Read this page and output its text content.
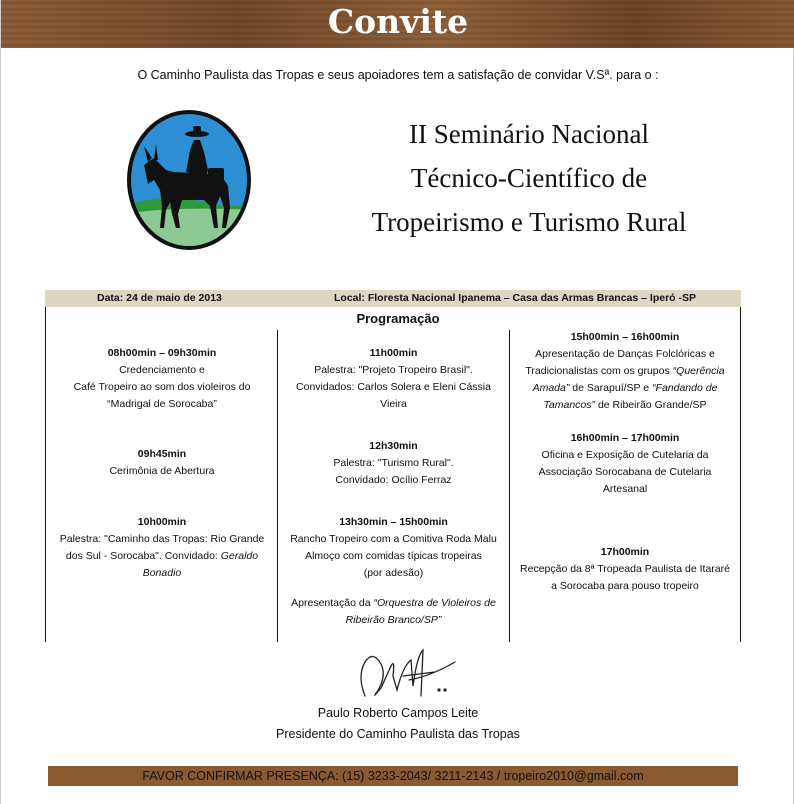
Convite
O Caminho Paulista das Tropas e seus apoiadores tem a satisfação de convidar V.Sª. para o :
II Seminário Nacional
Técnico-Científico de
Tropeirismo e Turismo Rural
Data: 24 de maio de 2013	Local: Floresta Nacional Ipanema – Casa das Armas Brancas – Iperó -SP
Programação
08h00min – 09h30min
Credenciamento e
Café Tropeiro ao som dos violeiros do
“Madrigal de Sorocaba”
09h45min
Cerimônia de Abertura
10h00min
Palestra: "Caminho das Tropas: Rio Grande
dos Sul - Sorocaba". Convidado: Geraldo
Bonadio
11h00min
Palestra: "Projeto Tropeiro Brasil".
Convidados: Carlos Solera e Eleni Cássia
Vieira
12h30min
Palestra: "Turismo Rural".
Convidado: Ocílio Ferraz
13h30min – 15h00min
Rancho Tropeiro com a Comitiva Roda Malu
Almoço com comidas típicas tropeiras
(por adesão)
Apresentação da “Orquestra de Violeiros de
Ribeirão Branco/SP”
15h00min – 16h00min
Apresentação de Danças Folclóricas e
Tradicionalistas com os grupos “Querência
Amada” de Sarapuí/SP e “Fandando de
Tamancos” de Ribeirão Grande/SP
16h00min – 17h00min
Oficina e Exposição de Cutelaria da
Associação Sorocabana de Cutelaria
Artesanal
17h00min
Recepção da 8ª Tropeada Paulista de Itararé
a Sorocaba para pouso tropeiro
Paulo Roberto Campos Leite
Presidente do Caminho Paulista das Tropas
FAVOR CONFIRMAR PRESENÇA: (15) 3233-2043/ 3211-2143 / tropeiro2010@gmail.com
